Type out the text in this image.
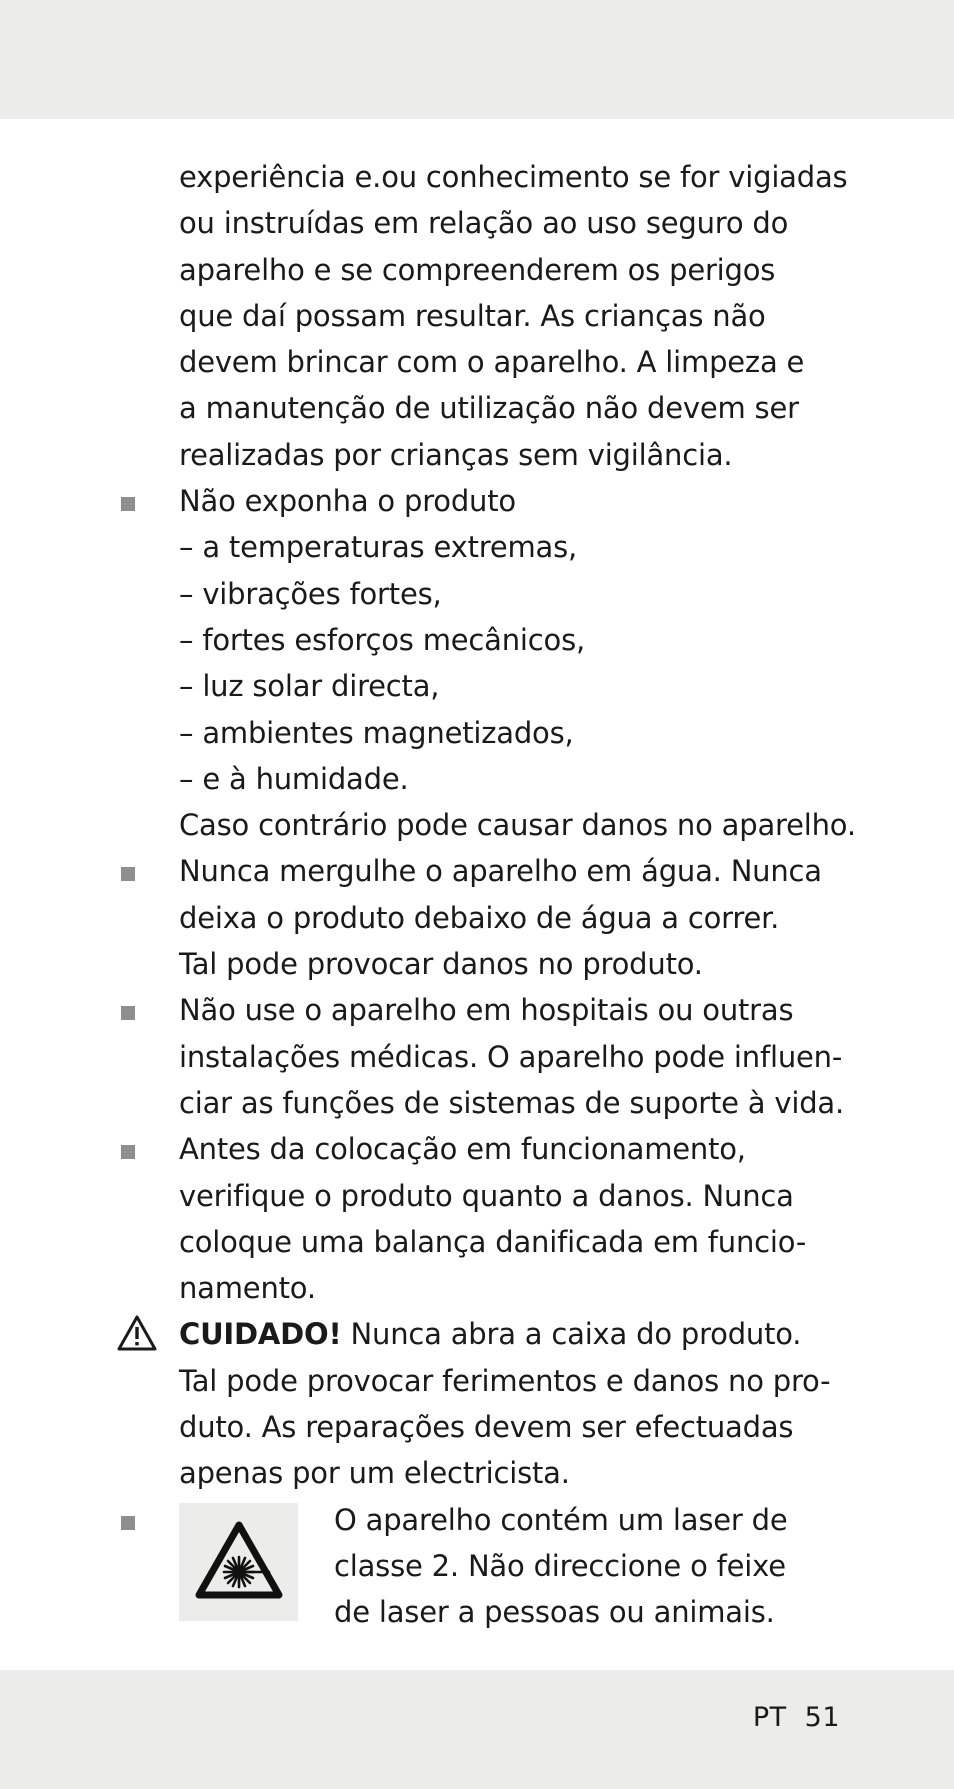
experiência e.ou conhecimento se for vigiadas

ou instruídas em relação ao uso seguro do

aparelho e se compreenderem os perigos

que daí possam resultar. As crianças não

devem brincar com o aparelho. A limpeza e

a manutenção de utilização não devem ser

realizadas por crianças sem vigilância.

Não exponha o produto

– a temperaturas extremas,

– vibrações fortes,

– fortes esforços mecânicos,

– luz solar directa,

– ambientes magnetizados,

– e à humidade.

Caso contrário pode causar danos no aparelho.

Nunca mergulhe o aparelho em água. Nunca

deixa o produto debaixo de água a correr.

Tal pode provocar danos no produto.

Não use o aparelho em hospitais ou outras

instalações médicas. O aparelho pode influen-

ciar as funções de sistemas de suporte à vida.

Antes da colocação em funcionamento,

verifique o produto quanto a danos. Nunca

coloque uma balança danificada em funcio-

namento.

CUIDADO! Nunca abra a caixa do produto.

Tal pode provocar ferimentos e danos no pro-

duto. As reparações devem ser efectuadas

apenas por um electricista.

O aparelho contém um laser de

classe 2. Não direccione o feixe

de laser a pessoas ou animais.

PT 51
